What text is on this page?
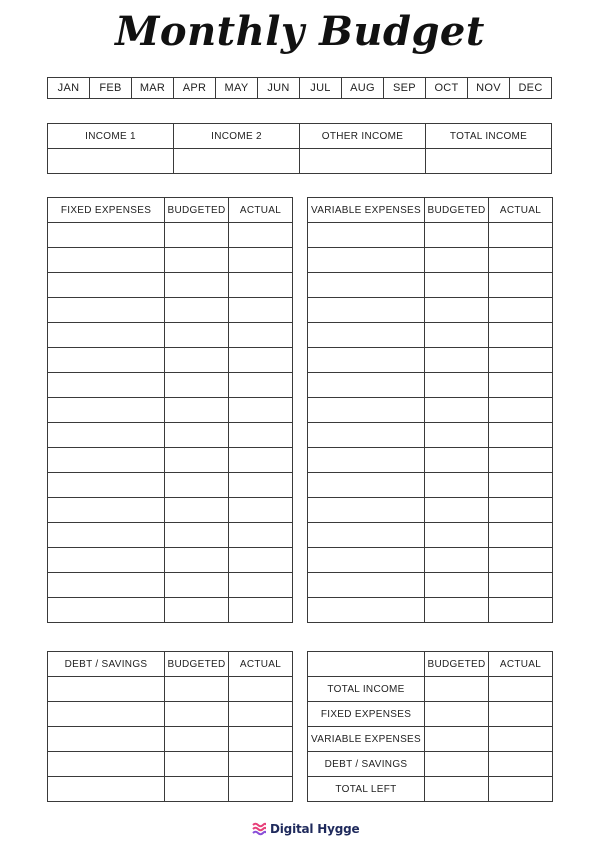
Monthly Budget
JAN	FEB	MAR	APR	MAY	JUN	JUL	AUG	SEP	OCT	NOV	DEC
INCOME 1	INCOME 2	OTHER INCOME	TOTAL INCOME

FIXED EXPENSES	BUDGETED	ACTUAL

			VARIABLE EXPENSES	BUDGETED	ACTUAL

DEBT / SAVINGS	BUDGETED	ACTUAL

		BUDGETED	ACTUAL
TOTAL INCOME		
FIXED EXPENSES		
VARIABLE EXPENSES		
DEBT / SAVINGS		
TOTAL LEFT		
Digital Hygge
